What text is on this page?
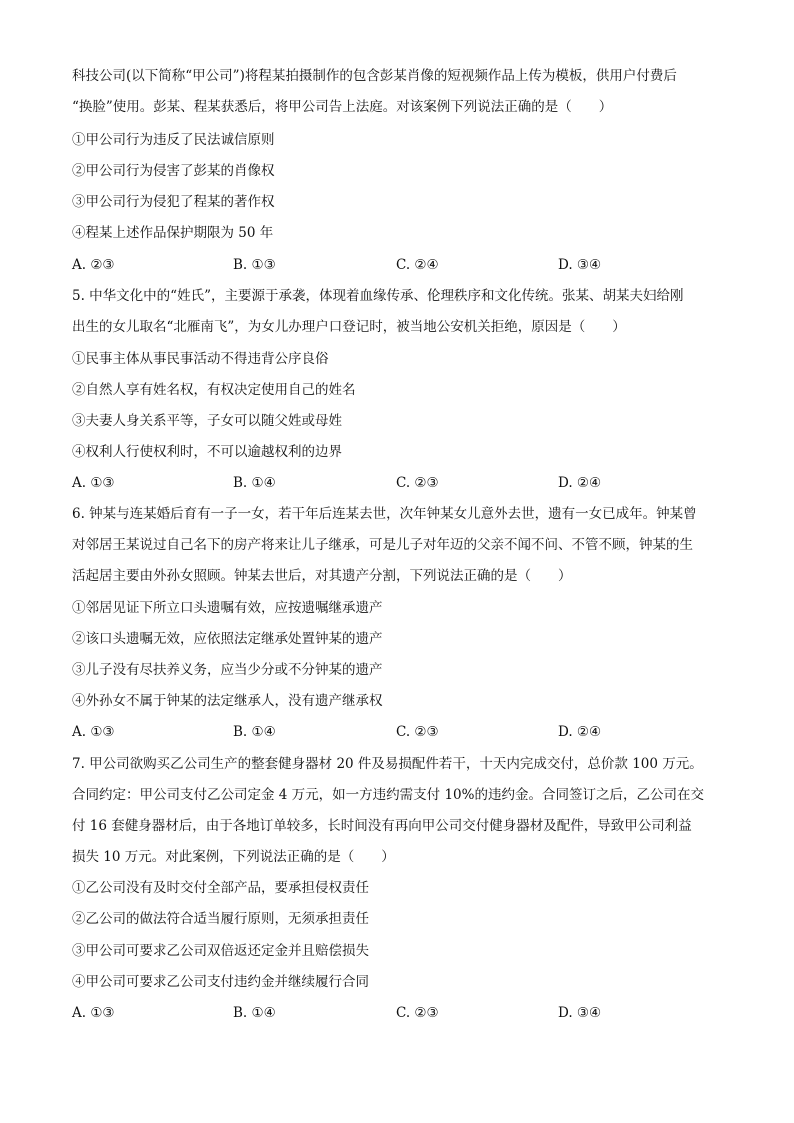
科技公司(以下简称“甲公司”)将程某拍摄制作的包含彭某肖像的短视频作品上传为模板，供用户付费后
“换脸”使用。彭某、程某获悉后，将甲公司告上法庭。对该案例下列说法正确的是（　　）
①甲公司行为违反了民法诚信原则
②甲公司行为侵害了彭某的肖像权
③甲公司行为侵犯了程某的著作权
④程某上述作品保护期限为 50 年
A. ②③	B. ①③	C. ②④	D. ③④
5. 中华文化中的“姓氏”，主要源于承袭，体现着血缘传承、伦理秩序和文化传统。张某、胡某夫妇给刚
出生的女儿取名“北雁南飞”，为女儿办理户口登记时，被当地公安机关拒绝，原因是（　　）
①民事主体从事民事活动不得违背公序良俗
②自然人享有姓名权，有权决定使用自己的姓名
③夫妻人身关系平等，子女可以随父姓或母姓
④权利人行使权利时，不可以逾越权利的边界
A. ①③	B. ①④	C. ②③	D. ②④
6. 钟某与连某婚后育有一子一女，若干年后连某去世，次年钟某女儿意外去世，遗有一女已成年。钟某曾
对邻居王某说过自己名下的房产将来让儿子继承，可是儿子对年迈的父亲不闻不问、不管不顾，钟某的生
活起居主要由外孙女照顾。钟某去世后，对其遗产分割，下列说法正确的是（　　）
①邻居见证下所立口头遗嘱有效，应按遗嘱继承遗产
②该口头遗嘱无效，应依照法定继承处置钟某的遗产
③儿子没有尽扶养义务，应当少分或不分钟某的遗产
④外孙女不属于钟某的法定继承人，没有遗产继承权
A. ①③	B. ①④	C. ②③	D. ②④
7. 甲公司欲购买乙公司生产的整套健身器材 20 件及易损配件若干，十天内完成交付，总价款 100 万元。
合同约定：甲公司支付乙公司定金 4 万元，如一方违约需支付 10%的违约金。合同签订之后，乙公司在交
付 16 套健身器材后，由于各地订单较多，长时间没有再向甲公司交付健身器材及配件，导致甲公司利益
损失 10 万元。对此案例，下列说法正确的是（　　）
①乙公司没有及时交付全部产品，要承担侵权责任
②乙公司的做法符合适当履行原则，无须承担责任
③甲公司可要求乙公司双倍返还定金并且赔偿损失
④甲公司可要求乙公司支付违约金并继续履行合同
A. ①③	B. ①④	C. ②③	D. ③④
